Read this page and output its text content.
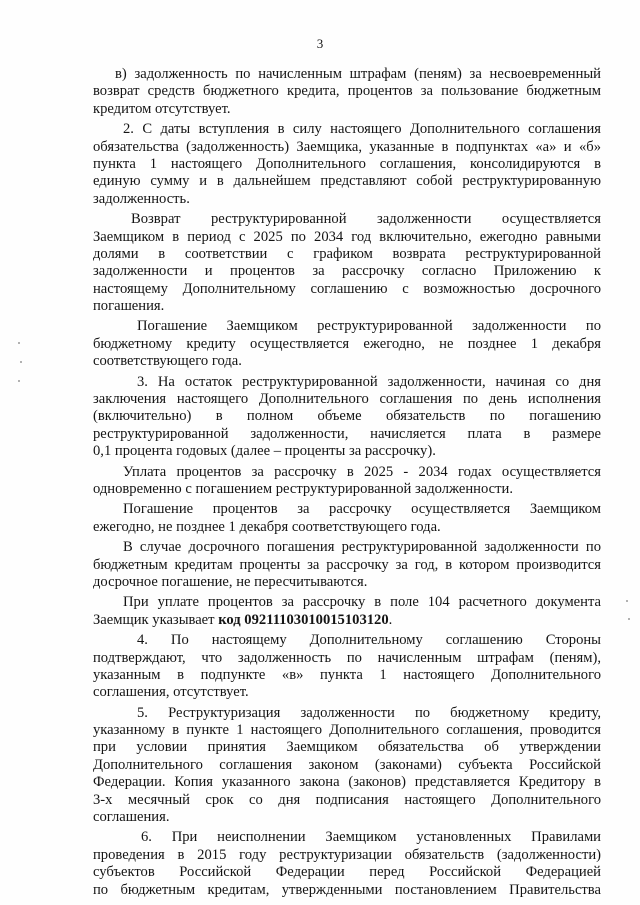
3
в) задолженность по начисленным штрафам (пеням) за несвоевременный
возврат средств бюджетного кредита, процентов за пользование бюджетным
кредитом отсутствует.
2. С даты вступления в силу настоящего Дополнительного соглашения
обязательства (задолженность) Заемщика, указанные в подпунктах «а» и «б»
пункта 1 настоящего Дополнительного соглашения, консолидируются в
единую сумму и в дальнейшем представляют собой реструктурированную
задолженность.
Возврат реструктурированной задолженности осуществляется
Заемщиком в период с 2025 по 2034 год включительно, ежегодно равными
долями в соответствии с графиком возврата реструктурированной
задолженности и процентов за рассрочку согласно Приложению к
настоящему Дополнительному соглашению с возможностью досрочного
погашения.
Погашение Заемщиком реструктурированной задолженности по
бюджетному кредиту осуществляется ежегодно, не позднее 1 декабря
соответствующего года.
3. На остаток реструктурированной задолженности, начиная со дня
заключения настоящего Дополнительного соглашения по день исполнения
(включительно) в полном объеме обязательств по погашению
реструктурированной задолженности, начисляется плата в размере
0,1 процента годовых (далее – проценты за рассрочку).
Уплата процентов за рассрочку в 2025 - 2034 годах осуществляется
одновременно с погашением реструктурированной задолженности.
Погашение процентов за рассрочку осуществляется Заемщиком
ежегодно, не позднее 1 декабря соответствующего года.
В случае досрочного погашения реструктурированной задолженности по
бюджетным кредитам проценты за рассрочку за год, в котором производится
досрочное погашение, не пересчитываются.
При уплате процентов за рассрочку в поле 104 расчетного документа
Заемщик указывает код 09211103010015103120.
4. По настоящему Дополнительному соглашению Стороны
подтверждают, что задолженность по начисленным штрафам (пеням),
указанным в подпункте «в» пункта 1 настоящего Дополнительного
соглашения, отсутствует.
5. Реструктуризация задолженности по бюджетному кредиту,
указанному в пункте 1 настоящего Дополнительного соглашения, проводится
при условии принятия Заемщиком обязательства об утверждении
Дополнительного соглашения законом (законами) субъекта Российской
Федерации. Копия указанного закона (законов) представляется Кредитору в
3-х месячный срок со дня подписания настоящего Дополнительного
соглашения.
6. При неисполнении Заемщиком установленных Правилами
проведения в 2015 году реструктуризации обязательств (задолженности)
субъектов Российской Федерации перед Российской Федерацией
по бюджетным кредитам, утвержденными постановлением Правительства
